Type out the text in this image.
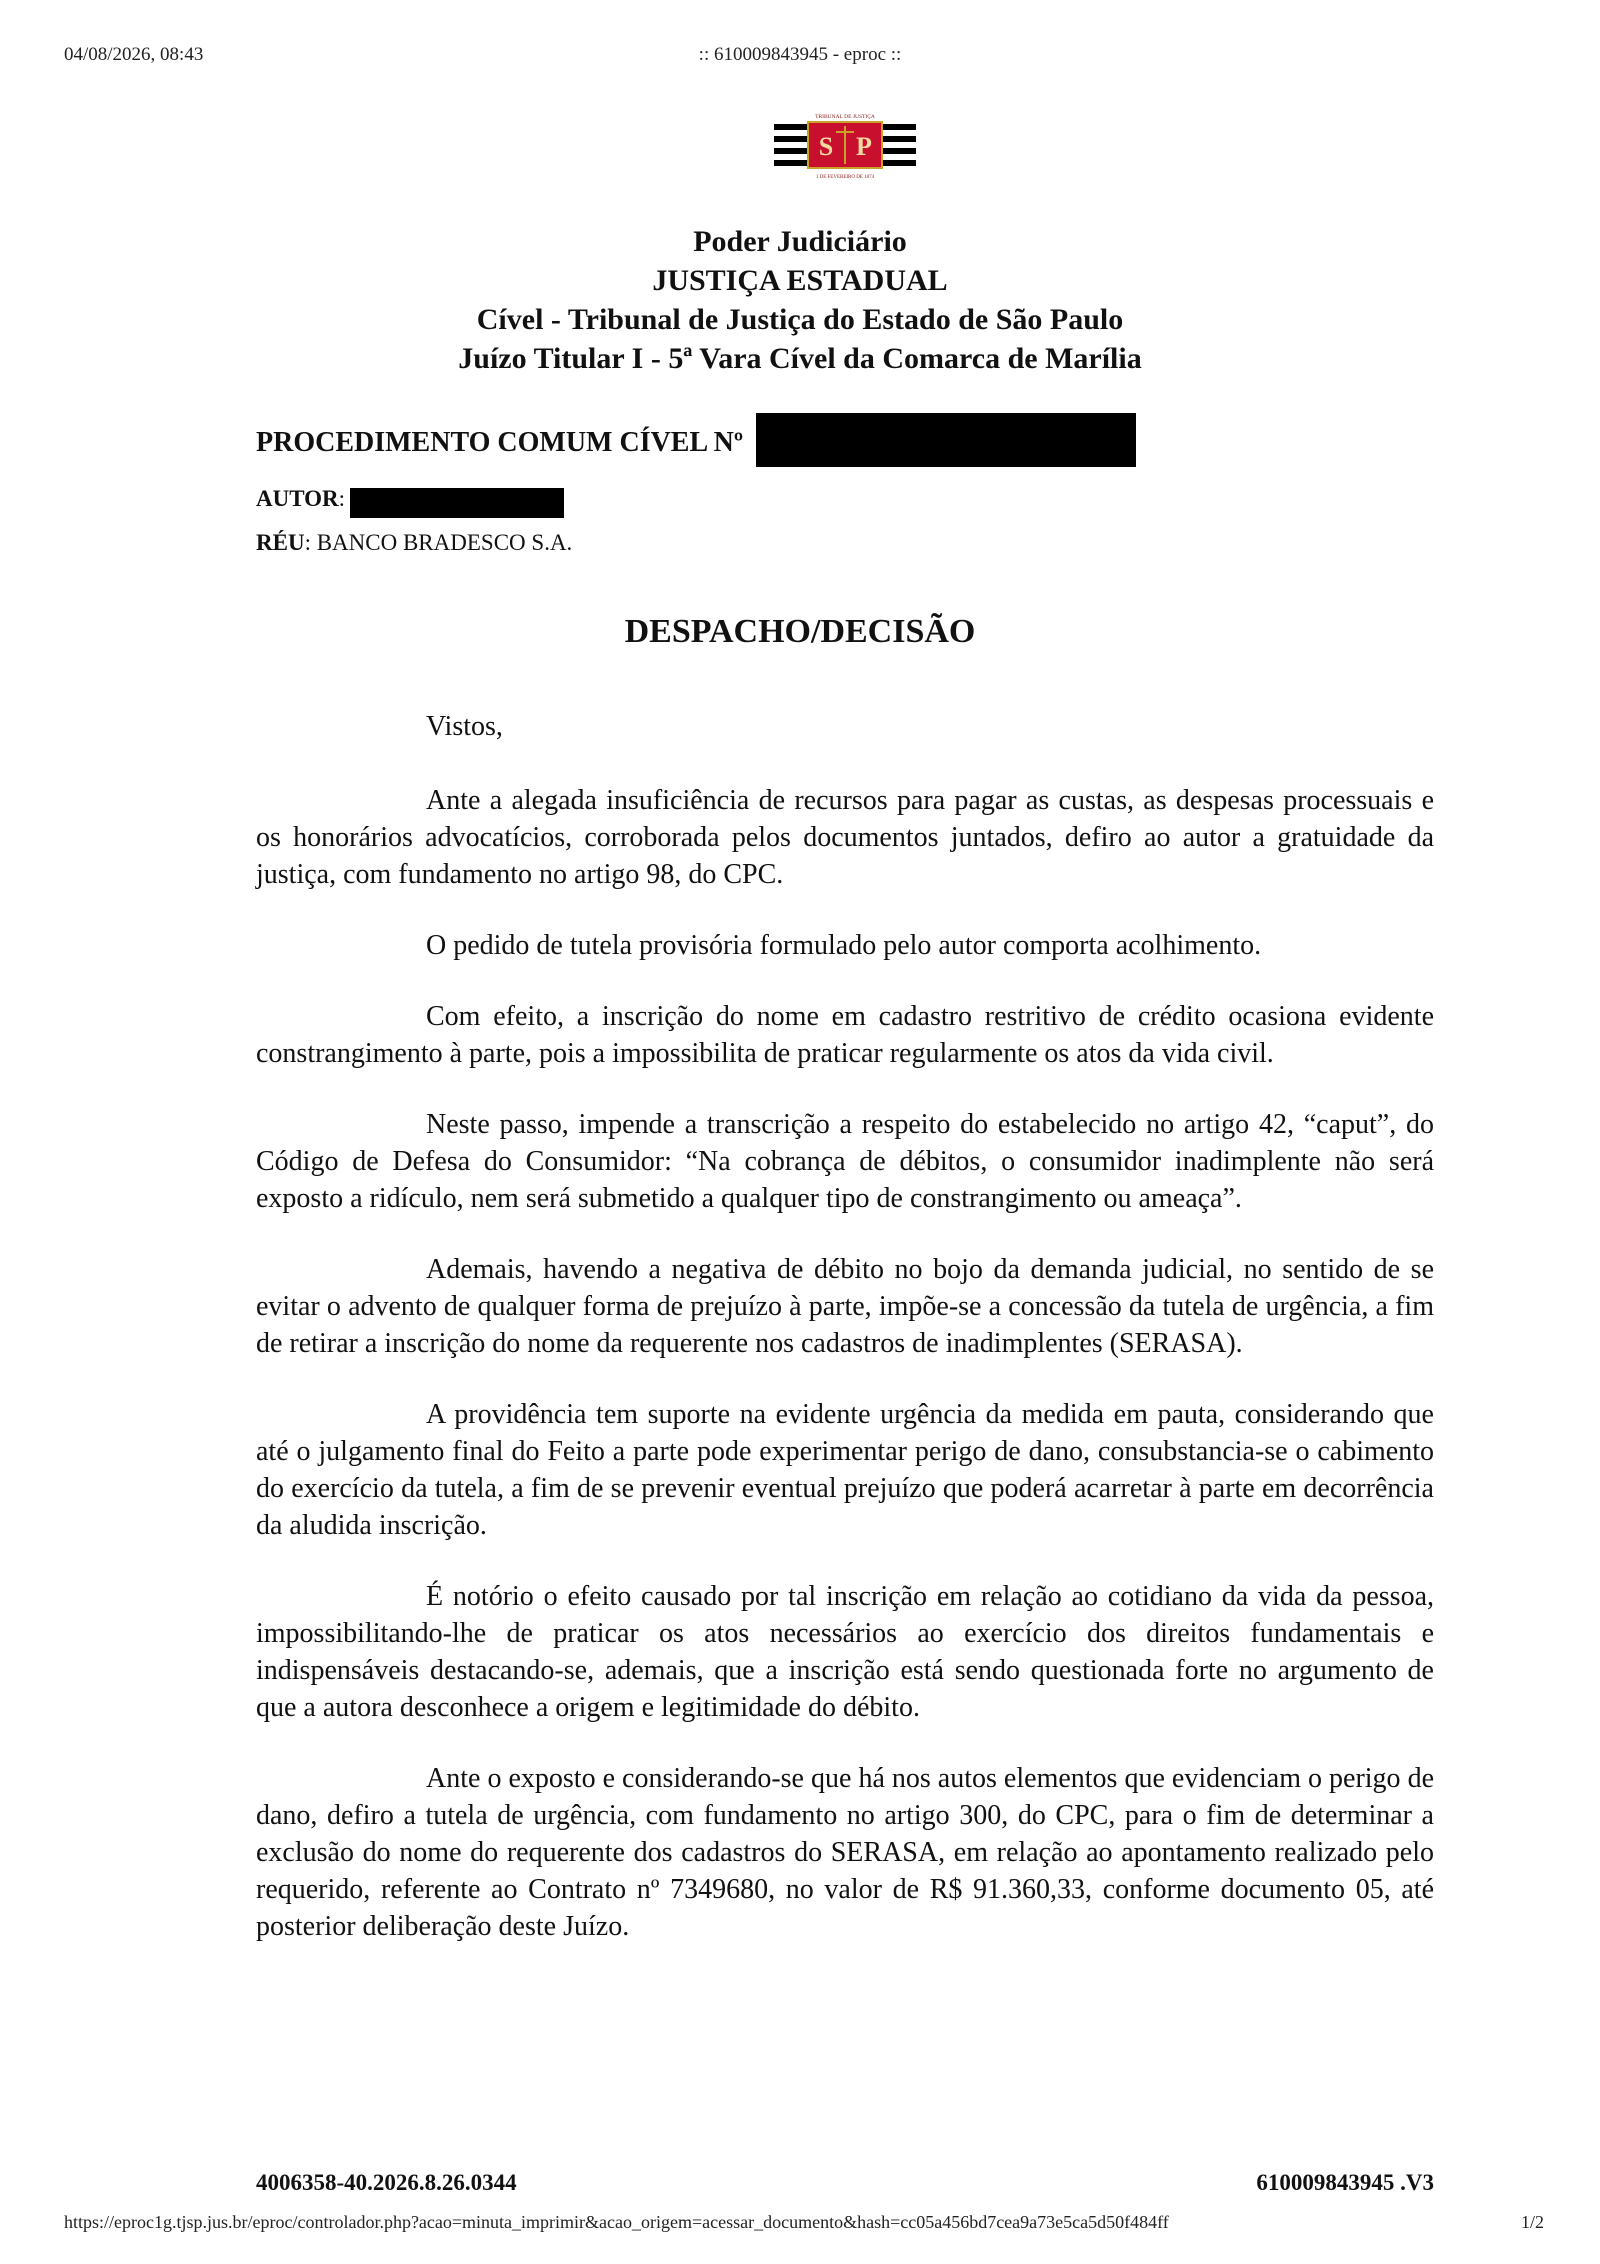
04/08/2026, 08:43	:: 610009843945 - eproc ::
S P
TRIBUNAL DE JUSTIÇA
1 DE FEVEREIRO DE 1874
Poder Judiciário
JUSTIÇA ESTADUAL
Cível - Tribunal de Justiça do Estado de São Paulo
Juízo Titular I - 5ª Vara Cível da Comarca de Marília
PROCEDIMENTO COMUM CÍVEL Nº
AUTOR:
RÉU: BANCO BRADESCO S.A.
DESPACHO/DECISÃO

Vistos,

Ante a alegada insuficiência de recursos para pagar as custas, as despesas processuais e os honorários advocatícios, corroborada pelos documentos juntados, defiro ao autor a gratuidade da justiça, com fundamento no artigo 98, do CPC.

O pedido de tutela provisória formulado pelo autor comporta acolhimento.

Com efeito, a inscrição do nome em cadastro restritivo de crédito ocasiona evidente constrangimento à parte, pois a impossibilita de praticar regularmente os atos da vida civil.

Neste passo, impende a transcrição a respeito do estabelecido no artigo 42, “caput”, do Código de Defesa do Consumidor: “Na cobrança de débitos, o consumidor inadimplente não será exposto a ridículo, nem será submetido a qualquer tipo de constrangimento ou ameaça”.

Ademais, havendo a negativa de débito no bojo da demanda judicial, no sentido de se evitar o advento de qualquer forma de prejuízo à parte, impõe-se a concessão da tutela de urgência, a fim de retirar a inscrição do nome da requerente nos cadastros de inadimplentes (SERASA).

A providência tem suporte na evidente urgência da medida em pauta, considerando que até o julgamento final do Feito a parte pode experimentar perigo de dano, consubstancia-se o cabimento do exercício da tutela, a fim de se prevenir eventual prejuízo que poderá acarretar à parte em decorrência da aludida inscrição.

É notório o efeito causado por tal inscrição em relação ao cotidiano da vida da pessoa, impossibilitando-lhe de praticar os atos necessários ao exercício dos direitos fundamentais e indispensáveis destacando-se, ademais, que a inscrição está sendo questionada forte no argumento de que a autora desconhece a origem e legitimidade do débito.

Ante o exposto e considerando-se que há nos autos elementos que evidenciam o perigo de dano, defiro a tutela de urgência, com fundamento no artigo 300, do CPC, para o fim de determinar a exclusão do nome do requerente dos cadastros do SERASA, em relação ao apontamento realizado pelo requerido, referente ao Contrato nº 7349680, no valor de R$ 91.360,33, conforme documento 05, até posterior deliberação deste Juízo.

4006358-40.2026.8.26.0344	610009843945 .V3
https://eproc1g.tjsp.jus.br/eproc/controlador.php?acao=minuta_imprimir&acao_origem=acessar_documento&hash=cc05a456bd7cea9a73e5ca5d50f484ff	1/2
